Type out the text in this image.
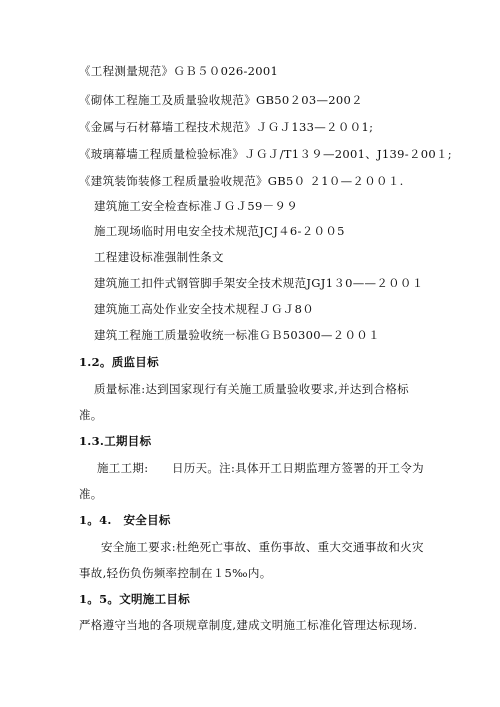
《工程测量规范》ＧＢ５０026-2001
《砌体工程施工及质量验收规范》GB50２03—200２
《金属与石材幕墙工程技术规范》ＪＧＪ133—２００1;
《玻璃幕墙工程质量检验标准》ＪＧＪ/T1３９—2001、J139-２00１;
《建筑装饰装修工程质量验收规范》GB5０ ２1０—２００１.
建筑施工安全检查标准ＪＧＪ59－９９
施工现场临时用电安全技术规范JCJ４6-２００5
工程建设标准强制性条文
建筑施工扣件式钢管脚手架安全技术规范JGJ1３0——２００１
建筑施工高处作业安全技术规程ＪＧＪ8０
建筑工程施工质量验收统一标准ＧＢ50300—２００１
1.2。质监目标
质量标准:达到国家现行有关施工质量验收要求,并达到合格标
准。
1.3.工期目标
施工工期:　　日历天。注:具体开工日期监理方签署的开工令为
准。
1。4.　安全目标
安全施工要求:杜绝死亡事故、重伤事故、重大交通事故和火灾
事故,轻伤负伤频率控制在１5‰内。
1。5。文明施工目标
严格遵守当地的各项规章制度,建成文明施工标准化管理达标现场.
